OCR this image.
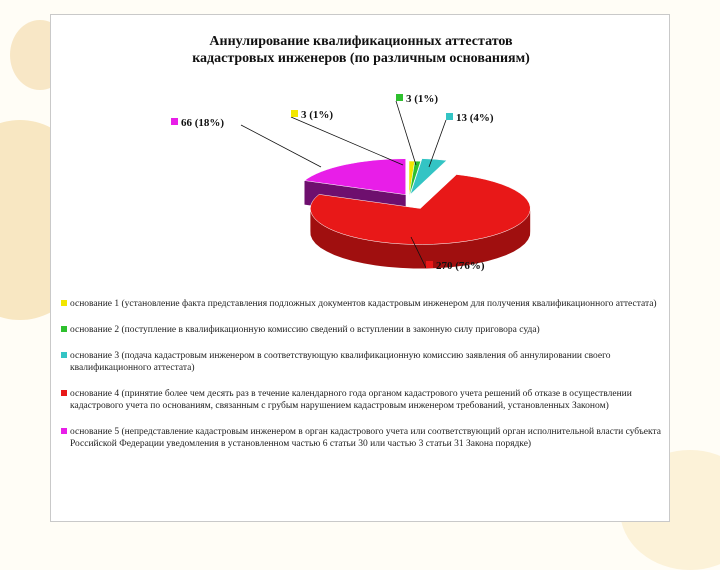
Аннулирование квалификационных аттестатов
кадастровых инженеров (по различным основаниям)
3 (1%)
3 (1%)
13 (4%)
270 (76%)
66 (18%)
основание 1 (установление факта представления подложных документов кадастровым инженером для получения квалификационного аттестата)
основание 2 (поступление в квалификационную комиссию сведений о вступлении в законную силу приговора суда)
основание 3 (подача кадастровым инженером в соответствующую квалификационную комиссию заявления об аннулировании своего квалификационного аттестата)
основание 4 (принятие более чем десять раз в течение календарного года органом кадастрового учета решений об отказе в осуществлении кадастрового учета по основаниям, связанным с грубым нарушением кадастровым инженером требований, установленных Законом)
основание 5 (непредставление кадастровым инженером в орган кадастрового учета или соответствующий орган исполнительной власти субъекта Российской Федерации уведомления в установленном частью 6 статьи 30 или частью 3 статьи 31 Закона порядке)
